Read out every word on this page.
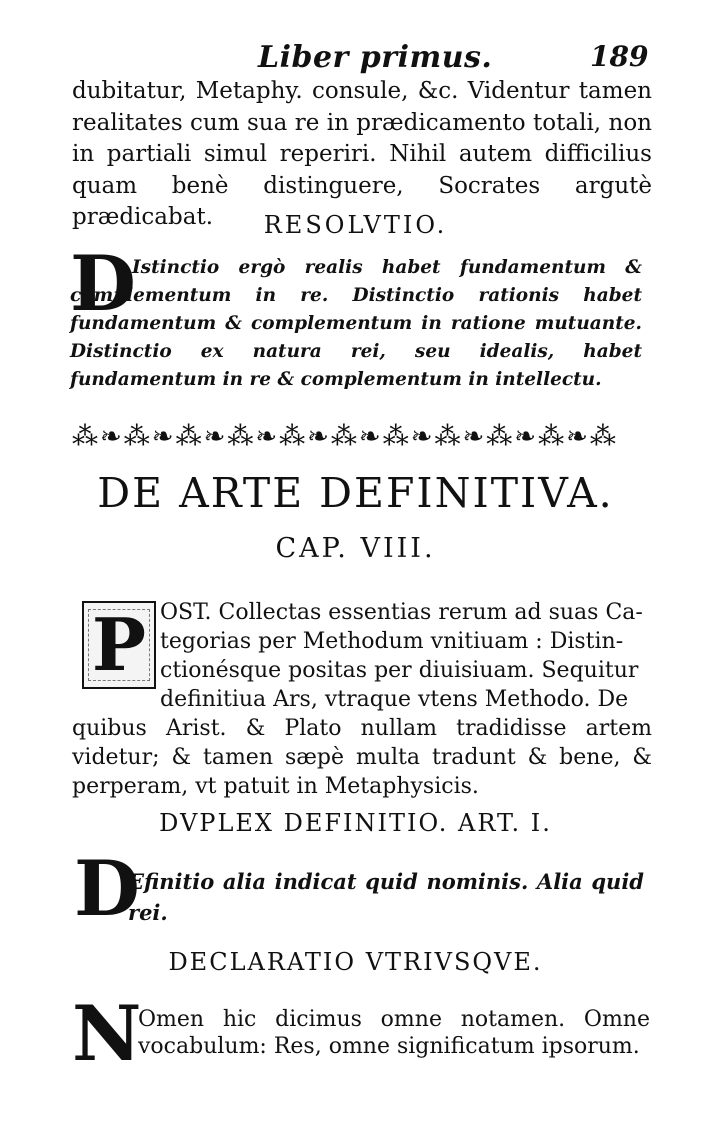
Liber primus.	189
dubitatur, Metaphy. consule, &c. Videntur tamen realitates cum sua re in prædicamento totali, non in partiali simul reperiri. Nihil autem difficilius quam benè distinguere, Socrates argutè prædicabat.	RESOLVTIO.
D
Istinctio ergò realis habet fundamentum & complementum in re. Distinctio rationis habet fundamentum & complementum in ratione mutuante. Distinctio ex natura rei, seu idealis, habet fundamentum in re & complementum in intellectu.
⁂❧⁂❧⁂❧⁂❧⁂❧⁂❧⁂❧⁂❧⁂❧⁂❧⁂
DE ARTE DEFINITIVA.
CAP. VIII.
P OST. Collectas essentias rerum ad suas Ca-
tegorias per Methodum vnitiuam : Distin-
ctionésque positas per diuisiuam. Sequitur
definitiua Ars, vtraque vtens Methodo. De
quibus Arist. & Plato nullam tradidisse artem videtur; & tamen sæpè multa tradunt & bene, & perperam, vt patuit in Metaphysicis.
DVPLEX DEFINITIO. ART. I.
D
Efinitio alia indicat quid nominis. Alia quid rei.
DECLARATIO VTRIVSQVE.
N
Omen hic dicimus omne notamen. Omne vocabulum: Res, omne significatum ipsorum.
